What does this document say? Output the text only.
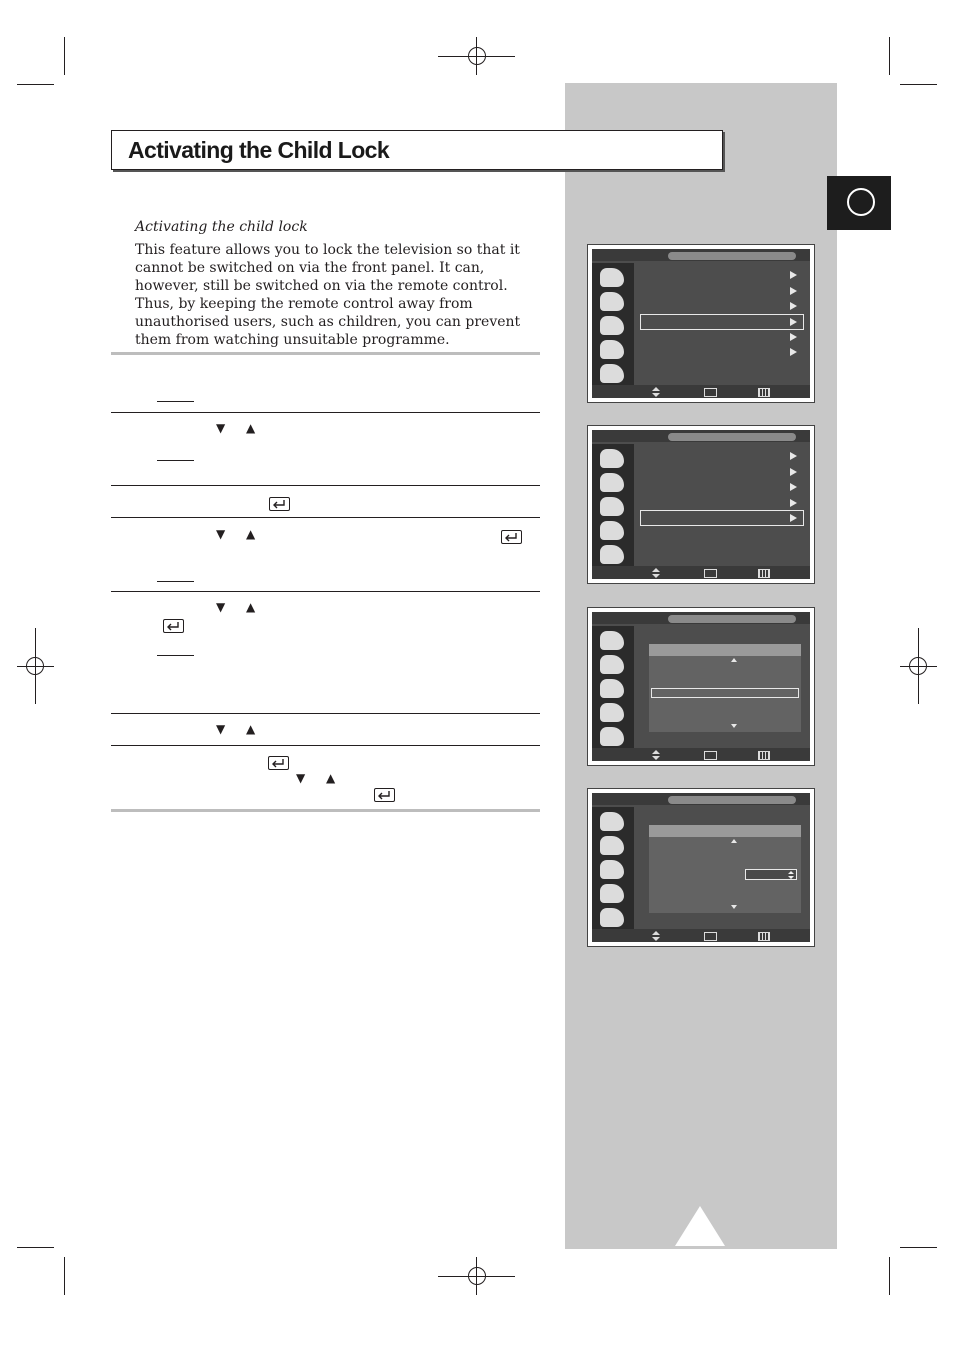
Activating the Child Lock
Activating the child lock

This feature allows you to lock the television so that it cannot be switched on via the front panel. It can, however, still be switched on via the remote control. Thus, by keeping the remote control away from unauthorised users, such as children, you can prevent them from watching unsuitable programme.

▼ ▲
▼ ▲
▼ ▲
▼ ▲
▼ ▲
